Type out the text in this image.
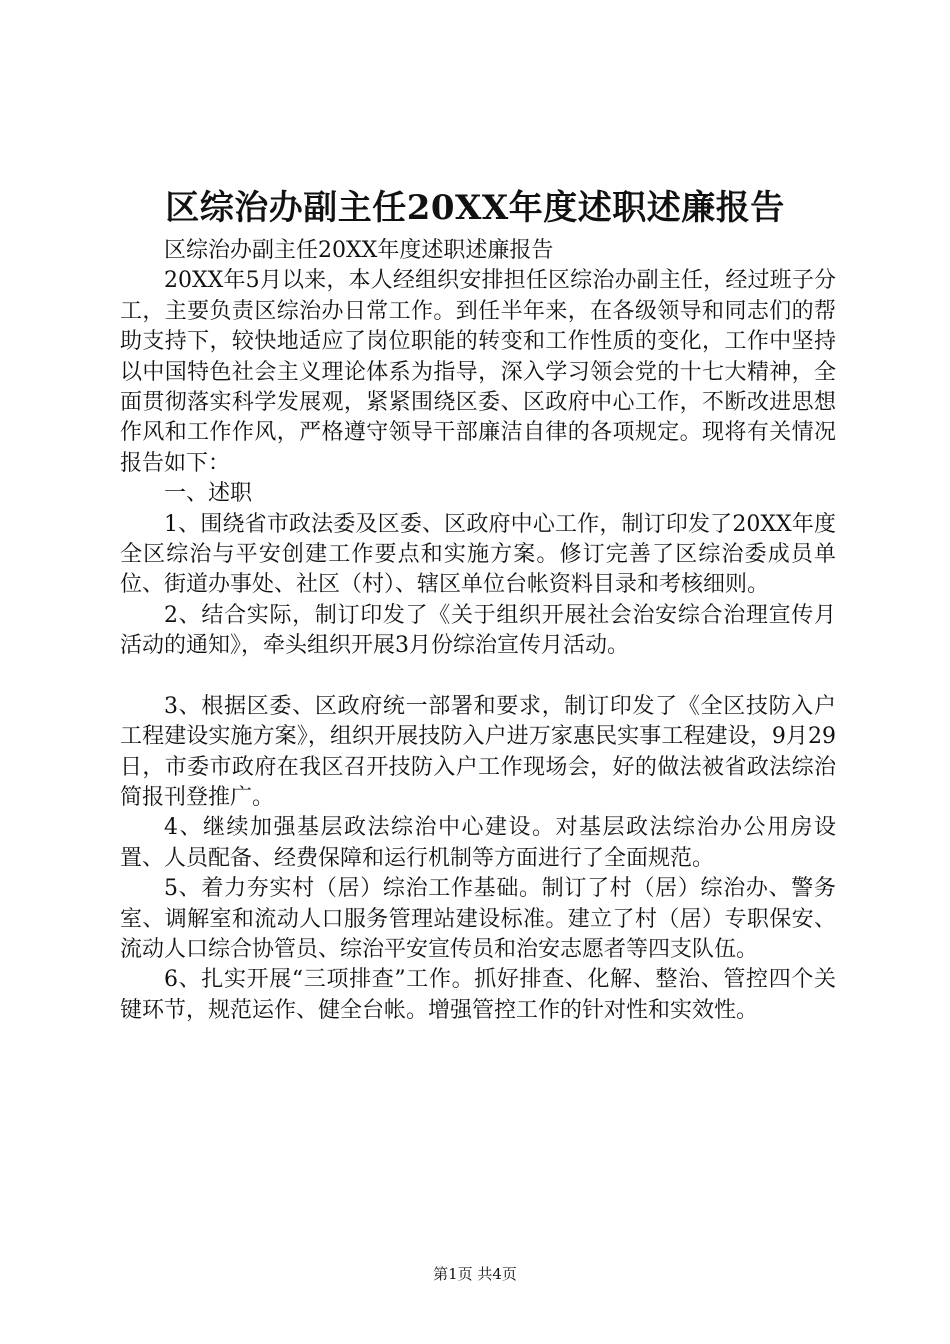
区综治办副主任20XX年度述职述廉报告

区综治办副主任20XX年度述职述廉报告

20XX年5月以来，本人经组织安排担任区综治办副主任，经过班子分工，主要负责区综治办日常工作。到任半年来，在各级领导和同志们的帮助支持下，较快地适应了岗位职能的转变和工作性质的变化，工作中坚持以中国特色社会主义理论体系为指导，深入学习领会党的十七大精神，全面贯彻落实科学发展观，紧紧围绕区委、区政府中心工作，不断改进思想作风和工作作风，严格遵守领导干部廉洁自律的各项规定。现将有关情况报告如下：

一、述职

1、围绕省市政法委及区委、区政府中心工作，制订印发了20XX年度全区综治与平安创建工作要点和实施方案。修订完善了区综治委成员单位、街道办事处、社区（村）、辖区单位台帐资料目录和考核细则。

2、结合实际，制订印发了《关于组织开展社会治安综合治理宣传月活动的通知》，牵头组织开展3月份综治宣传月活动。

3、根据区委、区政府统一部署和要求，制订印发了《全区技防入户工程建设实施方案》，组织开展技防入户进万家惠民实事工程建设，9月29日，市委市政府在我区召开技防入户工作现场会，好的做法被省政法综治简报刊登推广。

4、继续加强基层政法综治中心建设。对基层政法综治办公用房设置、人员配备、经费保障和运行机制等方面进行了全面规范。

5、着力夯实村（居）综治工作基础。制订了村（居）综治办、警务室、调解室和流动人口服务管理站建设标准。建立了村（居）专职保安、流动人口综合协管员、综治平安宣传员和治安志愿者等四支队伍。

6、扎实开展“三项排查”工作。抓好排查、化解、整治、管控四个关键环节，规范运作、健全台帐。增强管控工作的针对性和实效性。

第1页 共4页
